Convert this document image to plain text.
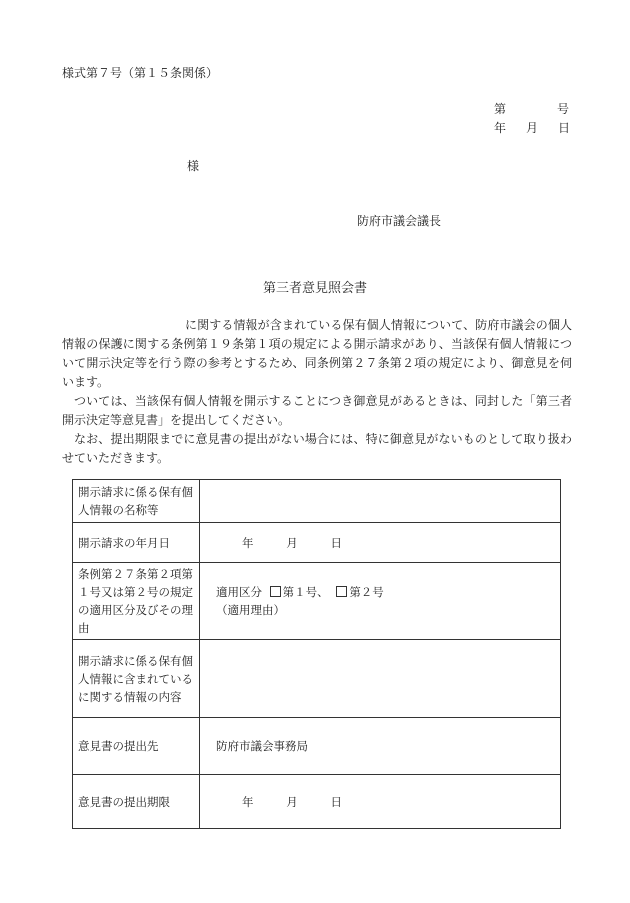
様式第７号（第１５条関係）
第	号
年 月 日
様
防府市議会議長
第三者意見照会書

に関する情報が含まれている保有個人情報について、防府市議会の個人情報の保護に関する条例第１９条第１項の規定による開示請求があり、当該保有個人情報について開示決定等を行う際の参考とするため、同条例第２７条第２項の規定により、御意見を伺います。

ついては、当該保有個人情報を開示することにつき御意見があるときは、同封した「第三者開示決定等意見書」を提出してください。

なお、提出期限までに意見書の提出がない場合には、特に御意見がないものとして取り扱わせていただきます。

開示請求に係る保有個人情報の名称等	
開示請求の年月日	年 月 日

条例第２７条第２項第１号又は第２号の規定の適用区分及びその理由	適用区分 第１号、 第２号
（適用理由）

開示請求に係る保有個人情報に含まれている　　　　　　に関する情報の内容	
意見書の提出先	防府市議会事務局
意見書の提出期限	年 月 日
